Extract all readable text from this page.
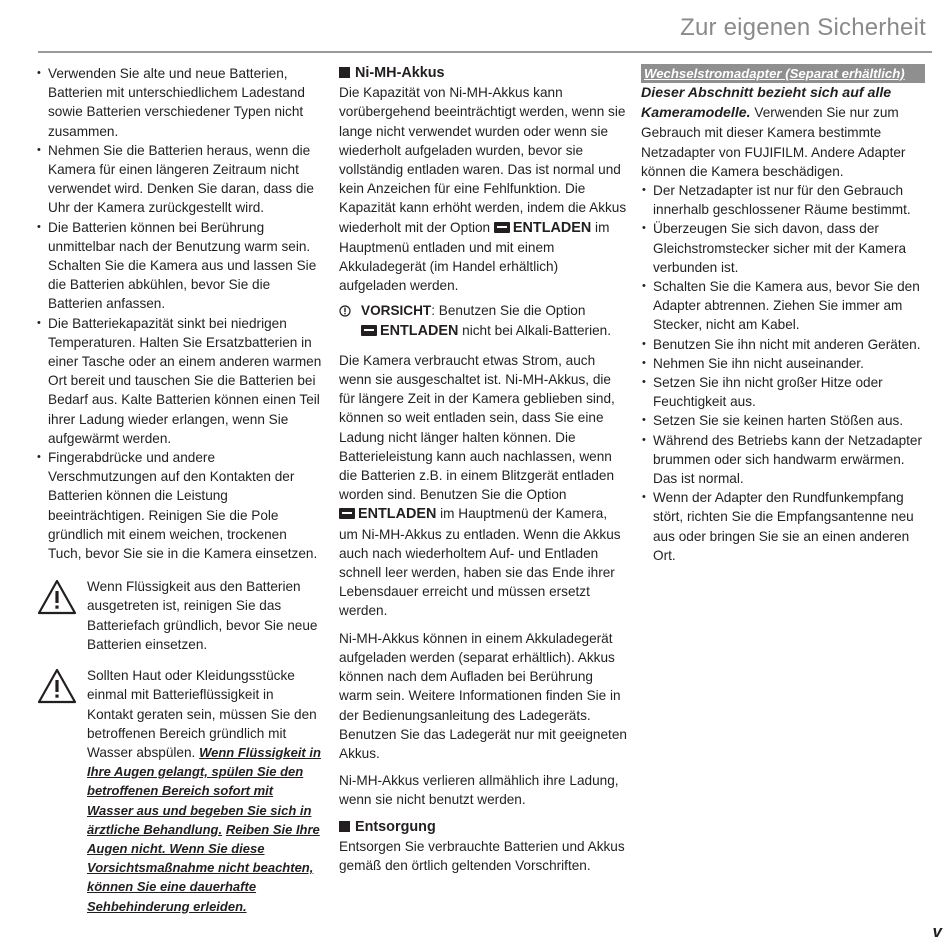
Zur eigenen Sicherheit
• Verwenden Sie alte und neue Batterien, Batterien mit unterschiedlichem Ladestand sowie Batterien verschiedener Typen nicht zusammen.
• Nehmen Sie die Batterien heraus, wenn die Kamera für einen längeren Zeitraum nicht verwendet wird. Denken Sie daran, dass die Uhr der Kamera zurückgestellt wird.
• Die Batterien können bei Berührung unmittelbar nach der Benutzung warm sein. Schalten Sie die Kamera aus und lassen Sie die Batterien abkühlen, bevor Sie die Batterien anfassen.
• Die Batteriekapazität sinkt bei niedrigen Temperaturen. Halten Sie Ersatzbatterien in einer Tasche oder an einem anderen warmen Ort bereit und tauschen Sie die Batterien bei Bedarf aus. Kalte Batterien können einen Teil ihrer Ladung wieder erlangen, wenn Sie aufgewärmt werden.
• Fingerabdrücke und andere Verschmutzungen auf den Kontakten der Batterien können die Leistung beeinträchtigen. Reinigen Sie die Pole gründlich mit einem weichen, trockenen Tuch, bevor Sie sie in die Kamera einsetzen.

Wenn Flüssigkeit aus den Batterien ausgetreten ist, reinigen Sie das Batteriefach gründlich, bevor Sie neue Batterien einsetzen.

Sollten Haut oder Kleidungsstücke einmal mit Batterieflüssigkeit in Kontakt geraten sein, müssen Sie den betroffenen Bereich gründlich mit Wasser abspülen. Wenn Flüssigkeit in Ihre Augen gelangt, spülen Sie den betroffenen Bereich sofort mit Wasser aus und begeben Sie sich in ärztliche Behandlung. Reiben Sie Ihre Augen nicht. Wenn Sie diese Vorsichtsmaßnahme nicht beachten, können Sie eine dauerhafte Sehbehinderung erleiden.

Ni-MH-Akkus

Die Kapazität von Ni-MH-Akkus kann vorübergehend beeinträchtigt werden, wenn sie lange nicht verwendet wurden oder wenn sie wiederholt aufgeladen wurden, bevor sie vollständig entladen waren. Das ist normal und kein Anzeichen für eine Fehlfunktion. Die Kapazität kann erhöht werden, indem die Akkus wiederholt mit der Option ENTLADEN im Hauptmenü entladen und mit einem Akkuladegerät (im Handel erhältlich) aufgeladen werden.

VORSICHT: Benutzen Sie die Option
ENTLADEN nicht bei Alkali-Batterien.

Die Kamera verbraucht etwas Strom, auch wenn sie ausgeschaltet ist. Ni-MH-Akkus, die für längere Zeit in der Kamera geblieben sind, können so weit entladen sein, dass Sie eine Ladung nicht länger halten können. Die Batterieleistung kann auch nachlassen, wenn die Batterien z.B. in einem Blitzgerät entladen worden sind. Benutzen Sie die Option ENTLADEN im Hauptmenü der Kamera, um Ni-MH-Akkus zu entladen. Wenn die Akkus auch nach wiederholtem Auf- und Entladen schnell leer werden, haben sie das Ende ihrer Lebensdauer erreicht und müssen ersetzt werden.

Ni-MH-Akkus können in einem Akkuladegerät aufgeladen werden (separat erhältlich). Akkus können nach dem Aufladen bei Berührung warm sein. Weitere Informationen finden Sie in der Bedienungsanleitung des Ladegeräts. Benutzen Sie das Ladegerät nur mit geeigneten Akkus.

Ni-MH-Akkus verlieren allmählich ihre Ladung, wenn sie nicht benutzt werden.

Entsorgung

Entsorgen Sie verbrauchte Batterien und Akkus gemäß den örtlich geltenden Vorschriften.

Wechselstromadapter (Separat erhältlich)

Dieser Abschnitt bezieht sich auf alle Kameramodelle. Verwenden Sie nur zum Gebrauch mit dieser Kamera bestimmte Netzadapter von FUJIFILM. Andere Adapter können die Kamera beschädigen.

• Der Netzadapter ist nur für den Gebrauch innerhalb geschlossener Räume bestimmt.
• Überzeugen Sie sich davon, dass der Gleichstromstecker sicher mit der Kamera verbunden ist.
• Schalten Sie die Kamera aus, bevor Sie den Adapter abtrennen. Ziehen Sie immer am Stecker, nicht am Kabel.
• Benutzen Sie ihn nicht mit anderen Geräten.
• Nehmen Sie ihn nicht auseinander.
• Setzen Sie ihn nicht großer Hitze oder Feuchtigkeit aus.
• Setzen Sie sie keinen harten Stößen aus.
• Während des Betriebs kann der Netzadapter brummen oder sich handwarm erwärmen. Das ist normal.
• Wenn der Adapter den Rundfunkempfang stört, richten Sie die Empfangsantenne neu aus oder bringen Sie sie an einen anderen Ort.
v
